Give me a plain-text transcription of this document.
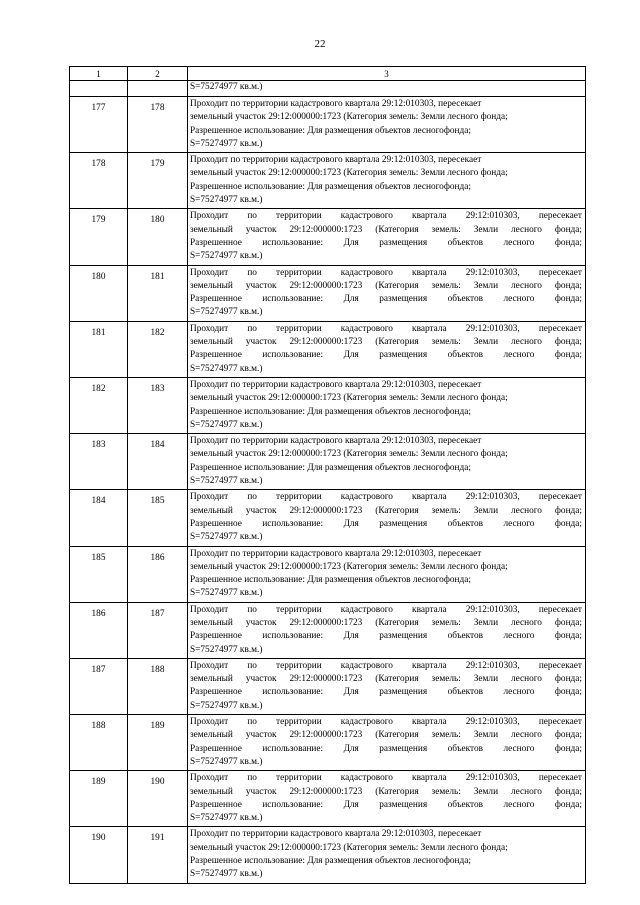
22
1	2	3
		S=75274977 кв.м.)
177	178	Проходит по территории кадастрового квартала 29:12:010303, пересекает
земельный участок 29:12:000000:1723 (Категория земель: Земли лесного фонда;
Разрешенное использование: Для размещения объектов лесногофонда;
S=75274977 кв.м.)

178	179	Проходит по территории кадастрового квартала 29:12:010303, пересекает
земельный участок 29:12:000000:1723 (Категория земель: Земли лесного фонда;
Разрешенное использование: Для размещения объектов лесногофонда;
S=75274977 кв.м.)

179	180	Проходит по территории кадастрового квартала 29:12:010303, пересекает
земельный участок 29:12:000000:1723 (Категория земель: Земли лесного фонда;
Разрешенное использование: Для размещения объектов лесного фонда;
S=75274977 кв.м.)

180	181	Проходит по территории кадастрового квартала 29:12:010303, пересекает
земельный участок 29:12:000000:1723 (Категория земель: Земли лесного фонда;
Разрешенное использование: Для размещения объектов лесного фонда;
S=75274977 кв.м.)

181	182	Проходит по территории кадастрового квартала 29:12:010303, пересекает
земельный участок 29:12:000000:1723 (Категория земель: Земли лесного фонда;
Разрешенное использование: Для размещения объектов лесного фонда;
S=75274977 кв.м.)

182	183	Проходит по территории кадастрового квартала 29:12:010303, пересекает
земельный участок 29:12:000000:1723 (Категория земель: Земли лесного фонда;
Разрешенное использование: Для размещения объектов лесногофонда;
S=75274977 кв.м.)

183	184	Проходит по территории кадастрового квартала 29:12:010303, пересекает
земельный участок 29:12:000000:1723 (Категория земель: Земли лесного фонда;
Разрешенное использование: Для размещения объектов лесногофонда;
S=75274977 кв.м.)

184	185	Проходит по территории кадастрового квартала 29:12:010303, пересекает
земельный участок 29:12:000000:1723 (Категория земель: Земли лесного фонда;
Разрешенное использование: Для размещения объектов лесного фонда;
S=75274977 кв.м.)

185	186	Проходит по территории кадастрового квартала 29:12:010303, пересекает
земельный участок 29:12:000000:1723 (Категория земель: Земли лесного фонда;
Разрешенное использование: Для размещения объектов лесногофонда;
S=75274977 кв.м.)

186	187	Проходит по территории кадастрового квартала 29:12:010303, пересекает
земельный участок 29:12:000000:1723 (Категория земель: Земли лесного фонда;
Разрешенное использование: Для размещения объектов лесного фонда;
S=75274977 кв.м.)

187	188	Проходит по территории кадастрового квартала 29:12:010303, пересекает
земельный участок 29:12:000000:1723 (Категория земель: Земли лесного фонда;
Разрешенное использование: Для размещения объектов лесного фонда;
S=75274977 кв.м.)

188	189	Проходит по территории кадастрового квартала 29:12:010303, пересекает
земельный участок 29:12:000000:1723 (Категория земель: Земли лесного фонда;
Разрешенное использование: Для размещения объектов лесного фонда;
S=75274977 кв.м.)

189	190	Проходит по территории кадастрового квартала 29:12:010303, пересекает
земельный участок 29:12:000000:1723 (Категория земель: Земли лесного фонда;
Разрешенное использование: Для размещения объектов лесного фонда;
S=75274977 кв.м.)

190	191	Проходит по территории кадастрового квартала 29:12:010303, пересекает
земельный участок 29:12:000000:1723 (Категория земель: Земли лесного фонда;
Разрешенное использование: Для размещения объектов лесногофонда;
S=75274977 кв.м.)
